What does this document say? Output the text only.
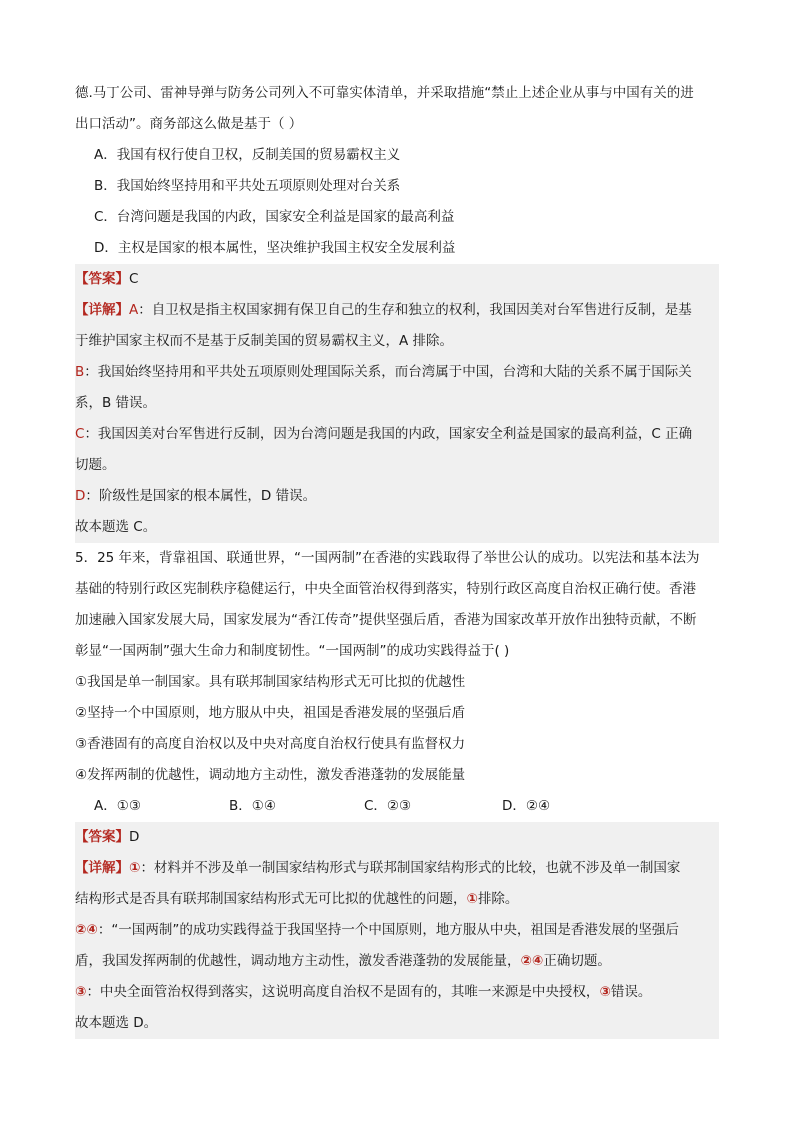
德.马丁公司、雷神导弹与防务公司列入不可靠实体清单，并采取措施“禁止上述企业从事与中国有关的进
出口活动”。商务部这么做是基于（ ）
A．我国有权行使自卫权，反制美国的贸易霸权主义
B．我国始终坚持用和平共处五项原则处理对台关系
C．台湾问题是我国的内政，国家安全利益是国家的最高利益
D．主权是国家的根本属性，坚决维护我国主权安全发展利益
【答案】C
【详解】A：自卫权是指主权国家拥有保卫自己的生存和独立的权利，我国因美对台军售进行反制，是基
于维护国家主权而不是基于反制美国的贸易霸权主义，A 排除。
B：我国始终坚持用和平共处五项原则处理国际关系，而台湾属于中国，台湾和大陆的关系不属于国际关
系，B 错误。
C：我国因美对台军售进行反制，因为台湾问题是我国的内政，国家安全利益是国家的最高利益，C 正确
切题。
D：阶级性是国家的根本属性，D 错误。
故本题选 C。
5．25 年来，背靠祖国、联通世界，“一国两制”在香港的实践取得了举世公认的成功。以宪法和基本法为
基础的特别行政区宪制秩序稳健运行，中央全面管治权得到落实，特别行政区高度自治权正确行使。香港
加速融入国家发展大局，国家发展为“香江传奇”提供坚强后盾，香港为国家改革开放作出独特贡献，不断
彰显“一国两制”强大生命力和制度韧性。“一国两制”的成功实践得益于( )
①我国是单一制国家。具有联邦制国家结构形式无可比拟的优越性
②坚持一个中国原则，地方服从中央，祖国是香港发展的坚强后盾
③香港固有的高度自治权以及中央对高度自治权行使具有监督权力
④发挥两制的优越性，调动地方主动性，激发香港蓬勃的发展能量
A．①③	B．①④	C．②③	D．②④
【答案】D
【详解】①：材料并不涉及单一制国家结构形式与联邦制国家结构形式的比较，也就不涉及单一制国家
结构形式是否具有联邦制国家结构形式无可比拟的优越性的问题，①排除。
②④：“一国两制”的成功实践得益于我国坚持一个中国原则，地方服从中央，祖国是香港发展的坚强后
盾，我国发挥两制的优越性，调动地方主动性，激发香港蓬勃的发展能量，②④正确切题。
③：中央全面管治权得到落实，这说明高度自治权不是固有的，其唯一来源是中央授权，③错误。
故本题选 D。
